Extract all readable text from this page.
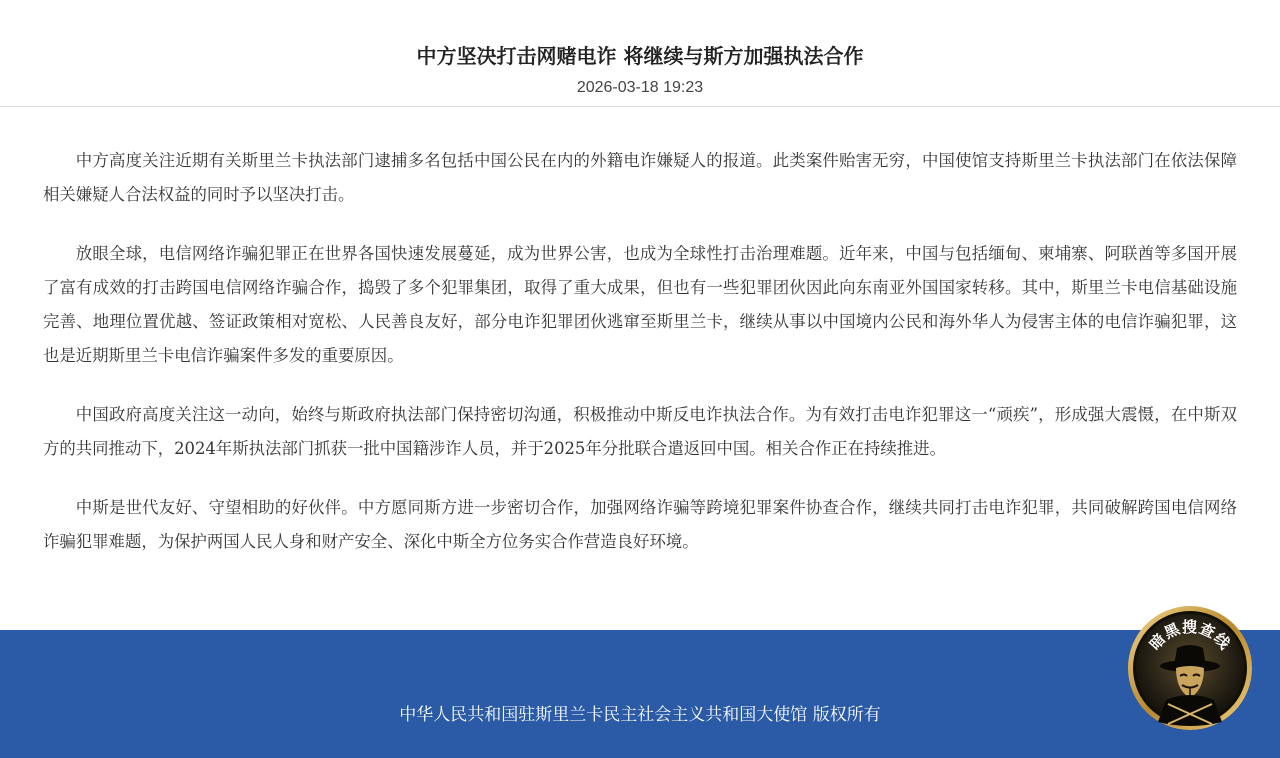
中方坚决打击网赌电诈 将继续与斯方加强执法合作
2026-03-18 19:23

中方高度关注近期有关斯里兰卡执法部门逮捕多名包括中国公民在内的外籍电诈嫌疑人的报道。此类案件贻害无穷，中国使馆支持斯里兰卡执法部门在依法保障相关嫌疑人合法权益的同时予以坚决打击。

放眼全球，电信网络诈骗犯罪正在世界各国快速发展蔓延，成为世界公害，也成为全球性打击治理难题。近年来，中国与包括缅甸、柬埔寨、阿联酋等多国开展了富有成效的打击跨国电信网络诈骗合作，捣毁了多个犯罪集团，取得了重大成果，但也有一些犯罪团伙因此向东南亚外国国家转移。其中，斯里兰卡电信基础设施完善、地理位置优越、签证政策相对宽松、人民善良友好，部分电诈犯罪团伙逃窜至斯里兰卡，继续从事以中国境内公民和海外华人为侵害主体的电信诈骗犯罪，这也是近期斯里兰卡电信诈骗案件多发的重要原因。

中国政府高度关注这一动向，始终与斯政府执法部门保持密切沟通，积极推动中斯反电诈执法合作。为有效打击电诈犯罪这一“顽疾”，形成强大震慑，在中斯双方的共同推动下，2024年斯执法部门抓获一批中国籍涉诈人员，并于2025年分批联合遣返回中国。相关合作正在持续推进。

中斯是世代友好、守望相助的好伙伴。中方愿同斯方进一步密切合作，加强网络诈骗等跨境犯罪案件协查合作，继续共同打击电诈犯罪，共同破解跨国电信网络诈骗犯罪难题，为保护两国人民人身和财产安全、深化中斯全方位务实合作营造良好环境。

中华人民共和国驻斯里兰卡民主社会主义共和国大使馆 版权所有
暗黑搜查线
